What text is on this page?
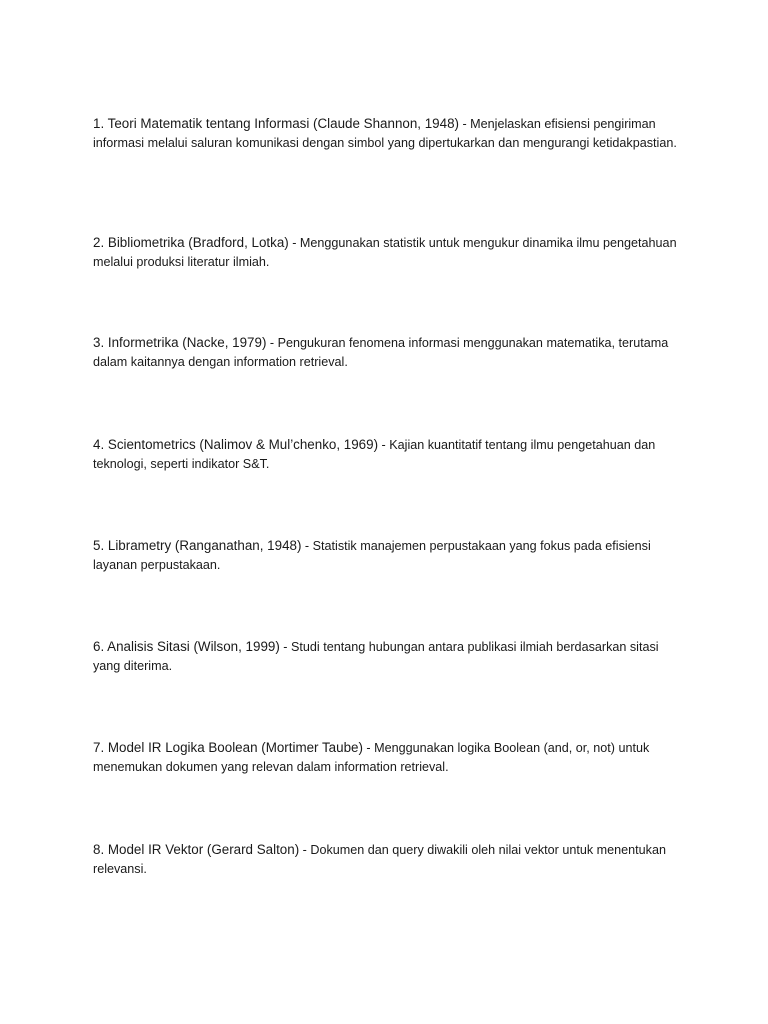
1. Teori Matematik tentang Informasi (Claude Shannon, 1948) - Menjelaskan efisiensi pengiriman informasi melalui saluran komunikasi dengan simbol yang dipertukarkan dan mengurangi ketidakpastian.

2. Bibliometrika (Bradford, Lotka) - Menggunakan statistik untuk mengukur dinamika ilmu pengetahuan melalui produksi literatur ilmiah.

3. Informetrika (Nacke, 1979) - Pengukuran fenomena informasi menggunakan matematika, terutama dalam kaitannya dengan information retrieval.

4. Scientometrics (Nalimov & Mul’chenko, 1969) - Kajian kuantitatif tentang ilmu pengetahuan dan teknologi, seperti indikator S&T.

5. Librametry (Ranganathan, 1948) - Statistik manajemen perpustakaan yang fokus pada efisiensi layanan perpustakaan.

6. Analisis Sitasi (Wilson, 1999) - Studi tentang hubungan antara publikasi ilmiah berdasarkan sitasi yang diterima.

7. Model IR Logika Boolean (Mortimer Taube) - Menggunakan logika Boolean (and, or, not) untuk menemukan dokumen yang relevan dalam information retrieval.

8. Model IR Vektor (Gerard Salton) - Dokumen dan query diwakili oleh nilai vektor untuk menentukan relevansi.
